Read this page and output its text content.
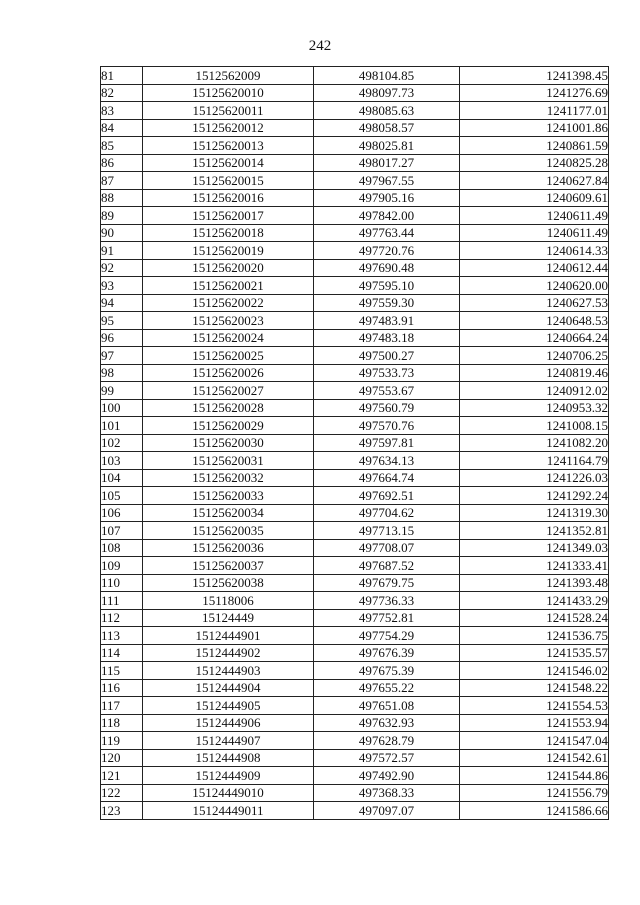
242
81	1512562009	498104.85	1241398.45
82	15125620010	498097.73	1241276.69
83	15125620011	498085.63	1241177.01
84	15125620012	498058.57	1241001.86
85	15125620013	498025.81	1240861.59
86	15125620014	498017.27	1240825.28
87	15125620015	497967.55	1240627.84
88	15125620016	497905.16	1240609.61
89	15125620017	497842.00	1240611.49
90	15125620018	497763.44	1240611.49
91	15125620019	497720.76	1240614.33
92	15125620020	497690.48	1240612.44
93	15125620021	497595.10	1240620.00
94	15125620022	497559.30	1240627.53
95	15125620023	497483.91	1240648.53
96	15125620024	497483.18	1240664.24
97	15125620025	497500.27	1240706.25
98	15125620026	497533.73	1240819.46
99	15125620027	497553.67	1240912.02
100	15125620028	497560.79	1240953.32
101	15125620029	497570.76	1241008.15
102	15125620030	497597.81	1241082.20
103	15125620031	497634.13	1241164.79
104	15125620032	497664.74	1241226.03
105	15125620033	497692.51	1241292.24
106	15125620034	497704.62	1241319.30
107	15125620035	497713.15	1241352.81
108	15125620036	497708.07	1241349.03
109	15125620037	497687.52	1241333.41
110	15125620038	497679.75	1241393.48
111	15118006	497736.33	1241433.29
112	15124449	497752.81	1241528.24
113	1512444901	497754.29	1241536.75
114	1512444902	497676.39	1241535.57
115	1512444903	497675.39	1241546.02
116	1512444904	497655.22	1241548.22
117	1512444905	497651.08	1241554.53
118	1512444906	497632.93	1241553.94
119	1512444907	497628.79	1241547.04
120	1512444908	497572.57	1241542.61
121	1512444909	497492.90	1241544.86
122	15124449010	497368.33	1241556.79
123	15124449011	497097.07	1241586.66
